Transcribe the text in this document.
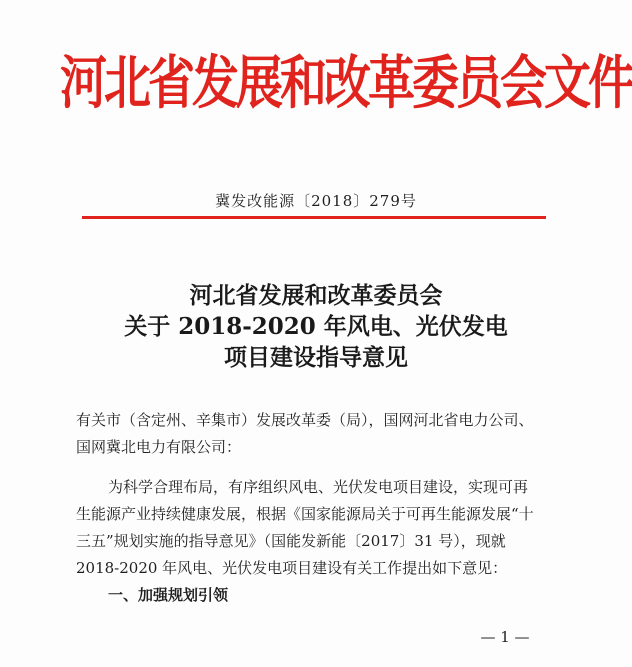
河北省发展和改革委员会文件
冀发改能源〔2018〕279号
河北省发展和改革委员会
关于 2018-2020 年风电、光伏发电
项目建设指导意见
有关市（含定州、辛集市）发展改革委（局），国网河北省电力公司、
国网冀北电力有限公司：
为科学合理布局，有序组织风电、光伏发电项目建设，实现可再
生能源产业持续健康发展，根据《国家能源局关于可再生能源发展“十
三五”规划实施的指导意见》（国能发新能〔2017〕31 号），现就
2018-2020 年风电、光伏发电项目建设有关工作提出如下意见：
一、加强规划引领
— 1 —
